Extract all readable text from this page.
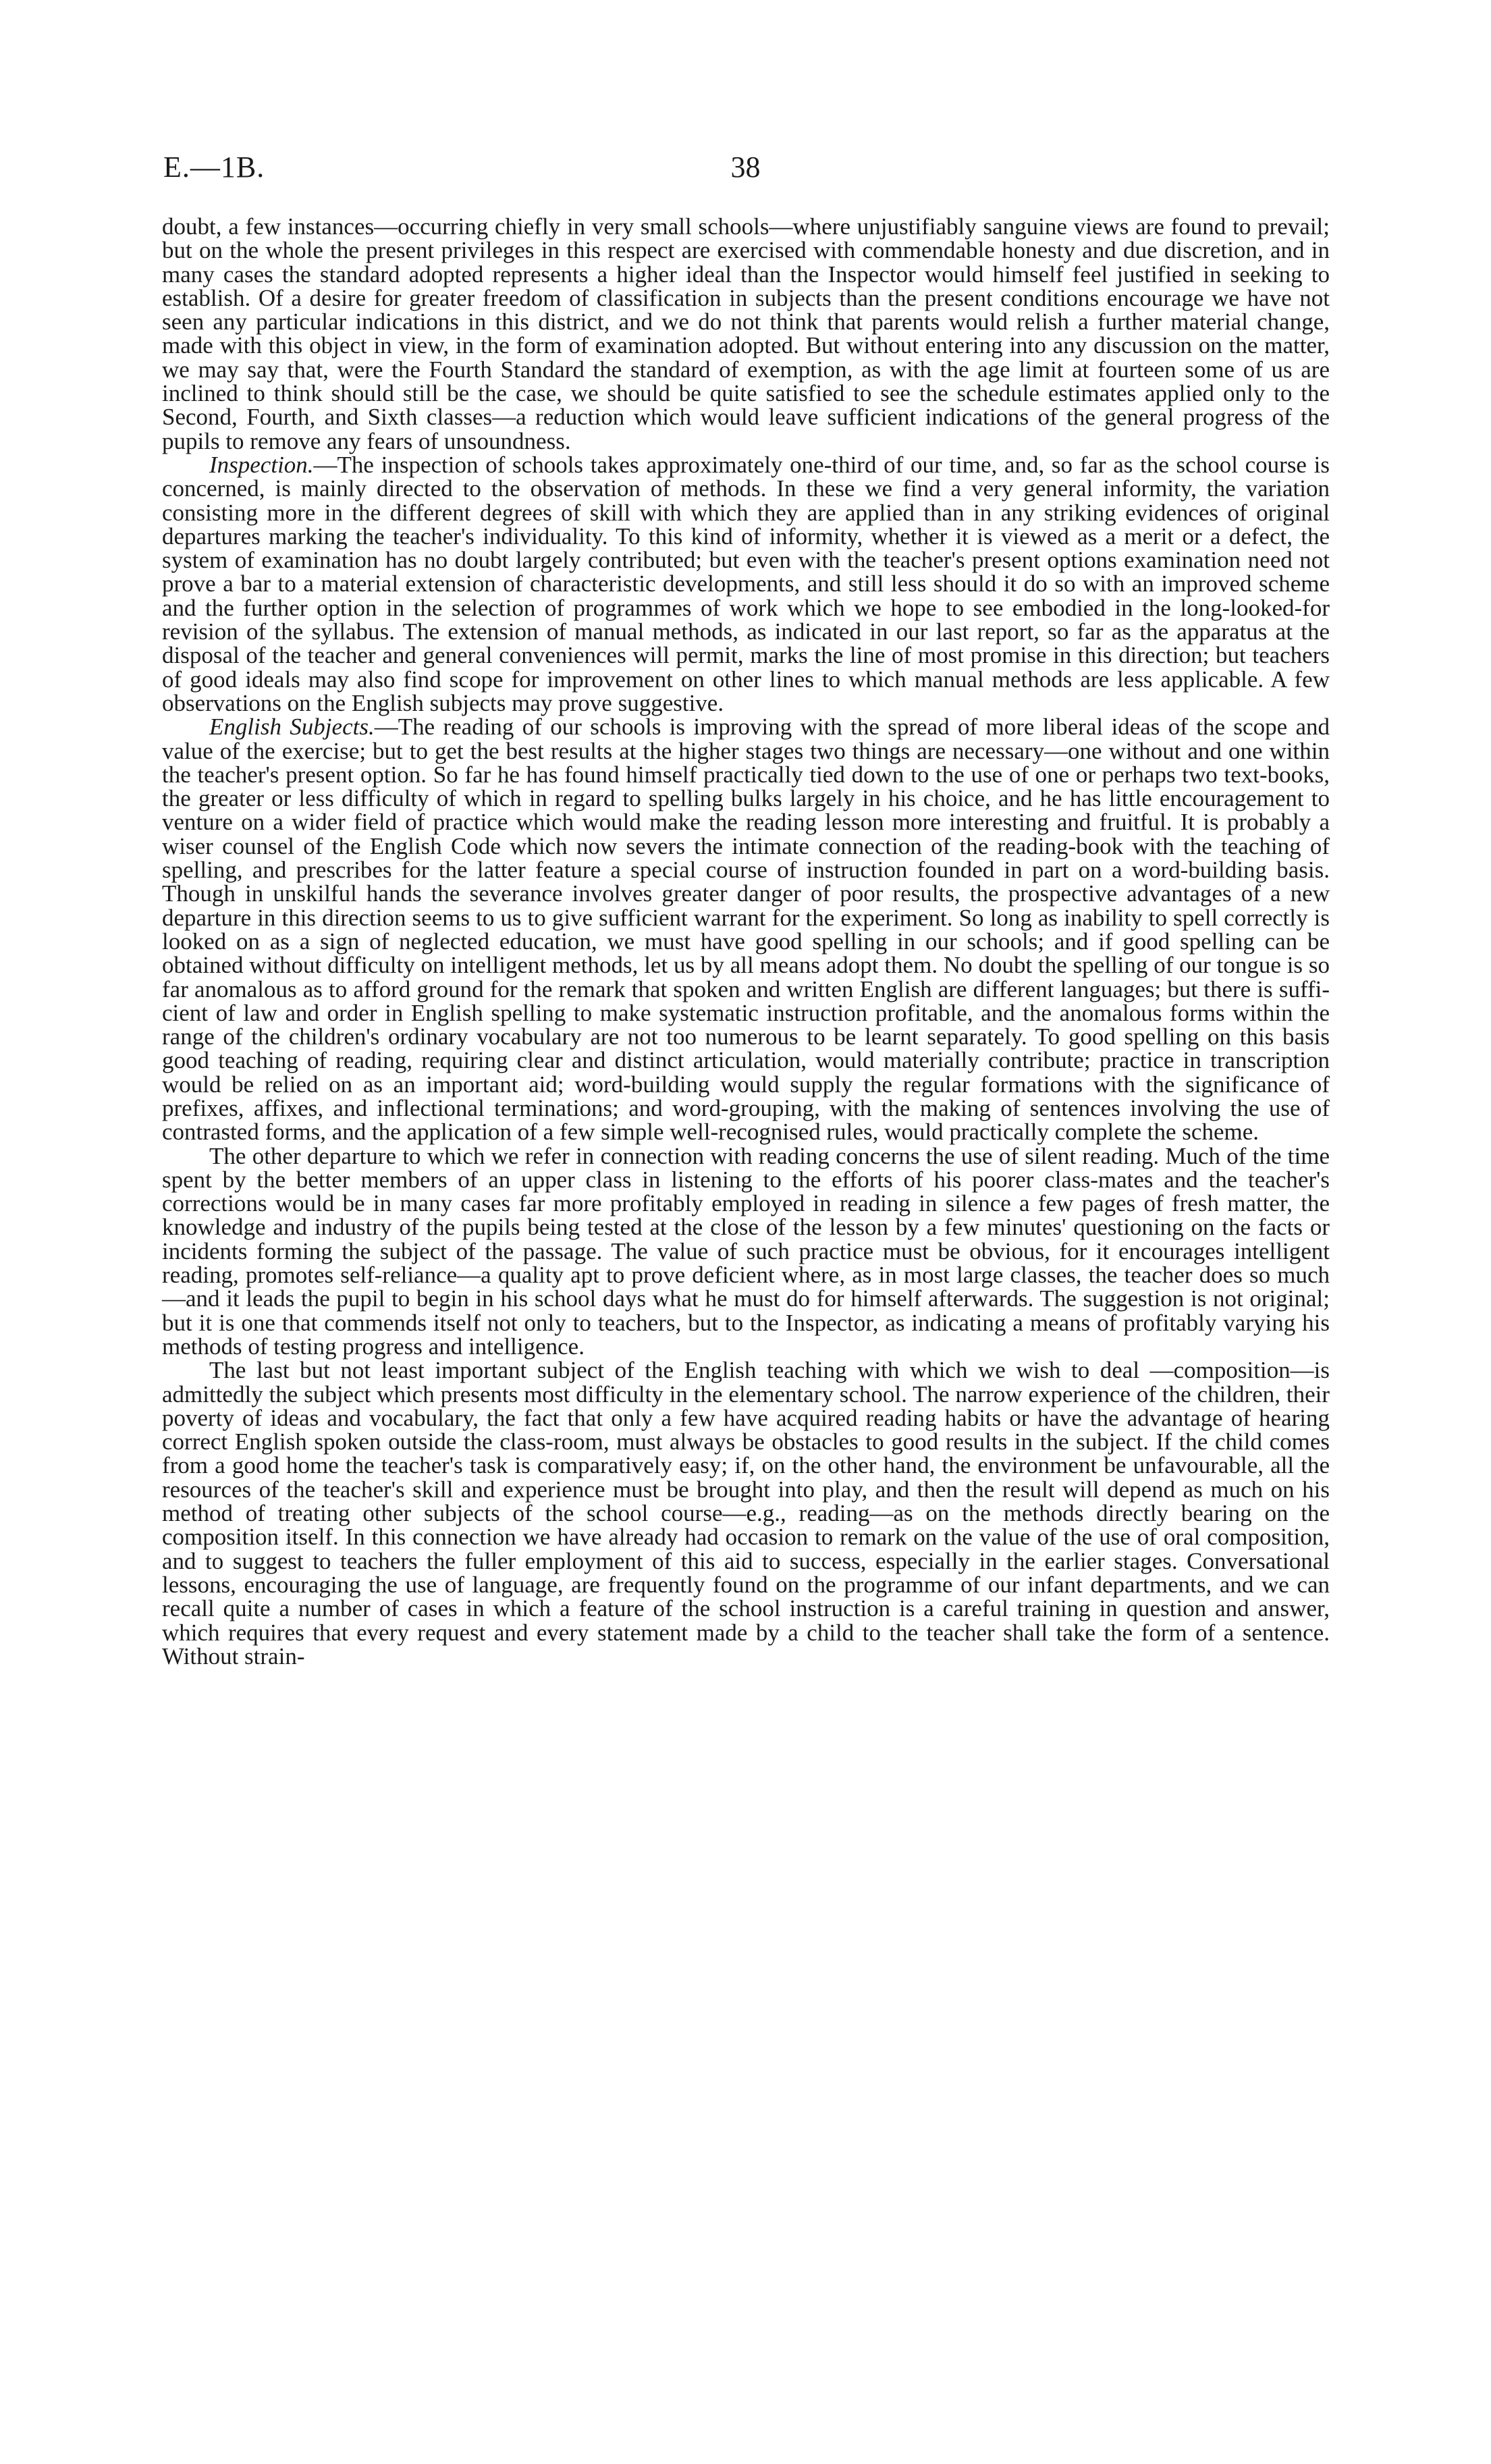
E.—1B.	38

doubt, a few instances—occurring chiefly in very small schools—where unjustifiably sanguine views are found to prevail; but on the whole the present privileges in this respect are exercised with commendable honesty and due discretion, and in many cases the standard adopted represents a higher ideal than the Inspector would himself feel justified in seeking to establish. Of a desire for greater freedom of classification in subjects than the present conditions encourage we have not seen any particular indications in this district, and we do not think that parents would relish a further material change, made with this object in view, in the form of examination adopted. But without entering into any discussion on the matter, we may say that, were the Fourth Standard the standard of exemption, as with the age limit at fourteen some of us are inclined to think should still be the case, we should be quite satisfied to see the schedule estimates applied only to the Second, Fourth, and Sixth classes—a reduction which would leave sufficient indications of the general progress of the pupils to remove any fears of unsoundness.

Inspection.—The inspection of schools takes approximately one-third of our time, and, so far as the school course is concerned, is mainly directed to the observation of methods. In these we find a very general informity, the variation consisting more in the different degrees of skill with which they are applied than in any striking evidences of original departures marking the teacher's individuality. To this kind of informity, whether it is viewed as a merit or a defect, the system of examination has no doubt largely contributed; but even with the teacher's present options examination need not prove a bar to a material extension of characteristic developments, and still less should it do so with an improved scheme and the further option in the selection of programmes of work which we hope to see embodied in the long-looked-for revision of the syllabus. The extension of manual methods, as indicated in our last report, so far as the apparatus at the disposal of the teacher and general conveniences will permit, marks the line of most promise in this direction; but teachers of good ideals may also find scope for improvement on other lines to which manual methods are less applicable. A few observations on the English subjects may prove suggestive.

English Subjects.—The reading of our schools is improving with the spread of more liberal ideas of the scope and value of the exercise; but to get the best results at the higher stages two things are necessary—one without and one within the teacher's present option. So far he has found himself practically tied down to the use of one or perhaps two text-books, the greater or less difficulty of which in regard to spelling bulks largely in his choice, and he has little encouragement to venture on a wider field of practice which would make the reading lesson more interesting and fruitful. It is probably a wiser counsel of the English Code which now severs the intimate connection of the reading-book with the teaching of spelling, and prescribes for the latter feature a special course of instruction founded in part on a word-building basis. Though in unskilful hands the severance involves greater danger of poor results, the prospective advantages of a new departure in this direction seems to us to give sufficient warrant for the experiment. So long as inability to spell correctly is looked on as a sign of neglected education, we must have good spelling in our schools; and if good spelling can be obtained without difficulty on intelligent methods, let us by all means adopt them. No doubt the spelling of our tongue is so far anomalous as to afford ground for the remark that spoken and written English are different languages; but there is sufficient of law and order in English spelling to make systematic instruction profitable, and the anomalous forms within the range of the children's ordinary vocabulary are not too numerous to be learnt separately. To good spelling on this basis good teaching of reading, requiring clear and distinct articulation, would materially contribute; practice in transcription would be relied on as an important aid; word-building would supply the regular formations with the significance of prefixes, affixes, and inflectional terminations; and word-grouping, with the making of sentences involving the use of contrasted forms, and the application of a few simple well-recognised rules, would practically complete the scheme.

The other departure to which we refer in connection with reading concerns the use of silent reading. Much of the time spent by the better members of an upper class in listening to the efforts of his poorer class-mates and the teacher's corrections would be in many cases far more profitably employed in reading in silence a few pages of fresh matter, the knowledge and industry of the pupils being tested at the close of the lesson by a few minutes' questioning on the facts or incidents forming the subject of the passage. The value of such practice must be obvious, for it encourages intelligent reading, promotes self-reliance—a quality apt to prove deficient where, as in most large classes, the teacher does so much—and it leads the pupil to begin in his school days what he must do for himself afterwards. The suggestion is not original; but it is one that commends itself not only to teachers, but to the Inspector, as indicating a means of profitably varying his methods of testing progress and intelligence.

The last but not least important subject of the English teaching with which we wish to deal —composition—is admittedly the subject which presents most difficulty in the elementary school. The narrow experience of the children, their poverty of ideas and vocabulary, the fact that only a few have acquired reading habits or have the advantage of hearing correct English spoken outside the class-room, must always be obstacles to good results in the subject. If the child comes from a good home the teacher's task is comparatively easy; if, on the other hand, the environment be unfavourable, all the resources of the teacher's skill and experience must be brought into play, and then the result will depend as much on his method of treating other subjects of the school course—e.g., reading—as on the methods directly bearing on the composition itself. In this connection we have already had occasion to remark on the value of the use of oral composition, and to suggest to teachers the fuller employment of this aid to success, especially in the earlier stages. Conversational lessons, encouraging the use of language, are frequently found on the programme of our infant departments, and we can recall quite a number of cases in which a feature of the school instruction is a careful training in question and answer, which requires that every request and every statement made by a child to the teacher shall take the form of a sentence. Without strain-
